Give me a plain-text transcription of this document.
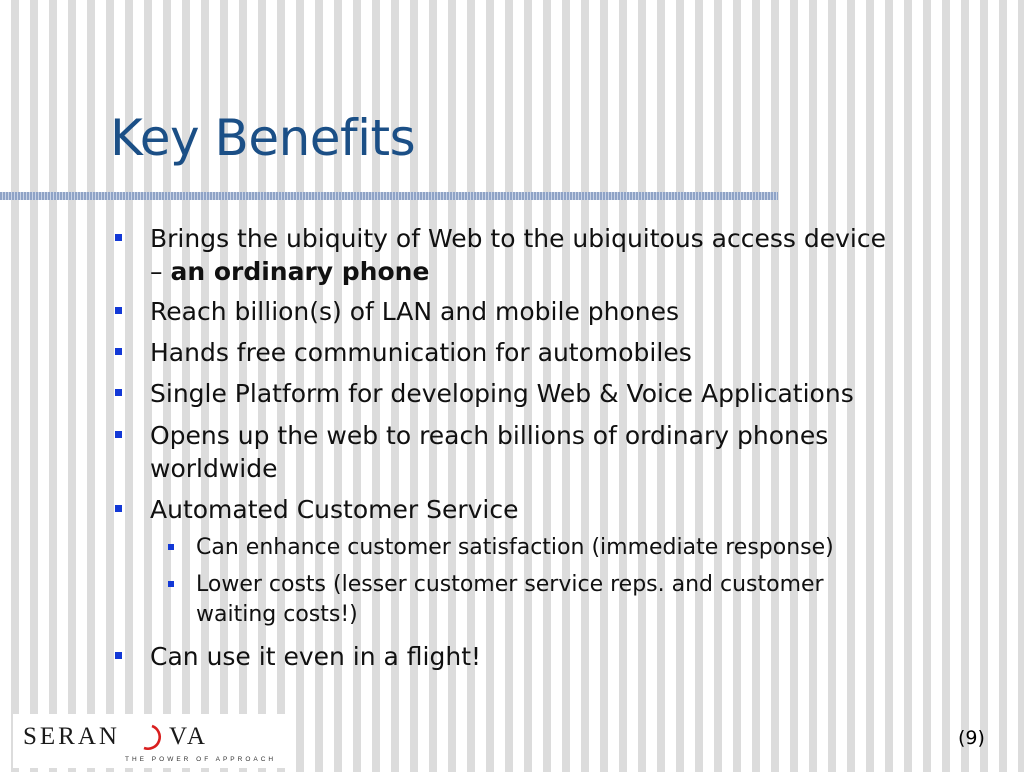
Key Benefits
Brings the ubiquity of Web to the ubiquitous access device
– an ordinary phone
Reach billion(s) of LAN and mobile phones
Hands free communication for automobiles
Single Platform for developing Web & Voice Applications
Opens up the web to reach billions of ordinary phones
worldwide
Automated Customer Service
Can enhance customer satisfaction (immediate response)
Lower costs (lesser customer service reps. and customer
waiting costs!)
Can use it even in a flight!
SERAN VA
THE POWER OF APPROACH
(9)
